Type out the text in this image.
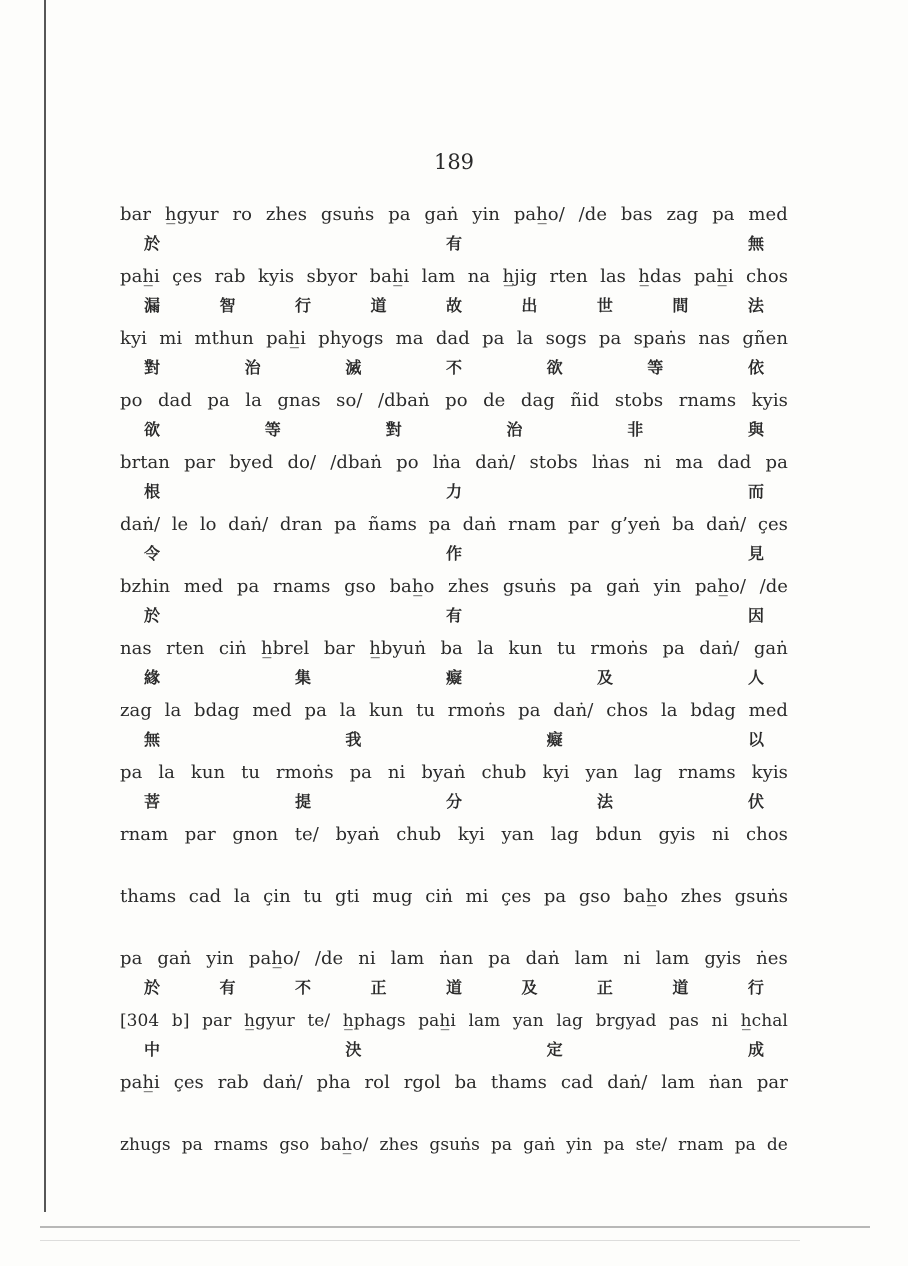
189
bar h̲gyur ro zhes gsuṅs pa gaṅ yin pah̲o/ /de bas zag pa med
於	有	無
pah̲i çes rab kyis sbyor bah̲i lam na h̲jig rten las h̲das pah̲i chos
漏	智	行	道	故	出	世	間	法
kyi mi mthun pah̲i phyogs ma dad pa la sogs pa spaṅs nas gñen
對	治	滅	不	欲	等	依
po dad pa la gnas so/ /dbaṅ po de dag ñid stobs rnams kyis
欲	等	對	治	非	與
brtan par byed do/ /dbaṅ po lṅa daṅ/ stobs lṅas ni ma dad pa
根	力	而
daṅ/ le lo daṅ/ dran pa ñams pa daṅ rnam par g’yeṅ ba daṅ/ çes
令	作	見
bzhin med pa rnams gso bah̲o zhes gsuṅs pa gaṅ yin pah̲o/ /de
於	有	因
nas rten ciṅ h̲brel bar h̲byuṅ ba la kun tu rmoṅs pa daṅ/ gaṅ
緣	集	癡	及	人
zag la bdag med pa la kun tu rmoṅs pa daṅ/ chos la bdag med
無	我	癡	以
pa la kun tu rmoṅs pa ni byaṅ chub kyi yan lag rnams kyis
菩	提	分	法	伏
rnam par gnon te/ byaṅ chub kyi yan lag bdun gyis ni chos
thams cad la çin tu gti mug ciṅ mi çes pa gso bah̲o zhes gsuṅs
pa gaṅ yin pah̲o/ /de ni lam ṅan pa daṅ lam ni lam gyis ṅes
於	有	不	正	道	及	正	道	行
[304 b] par h̲gyur te/ h̲phags pah̲i lam yan lag brgyad pas ni h̲chal
中	決	定	成
pah̲i çes rab daṅ/ pha rol rgol ba thams cad daṅ/ lam ṅan par
zhugs pa rnams gso bah̲o/ zhes gsuṅs pa gaṅ yin pa ste/ rnam pa de
